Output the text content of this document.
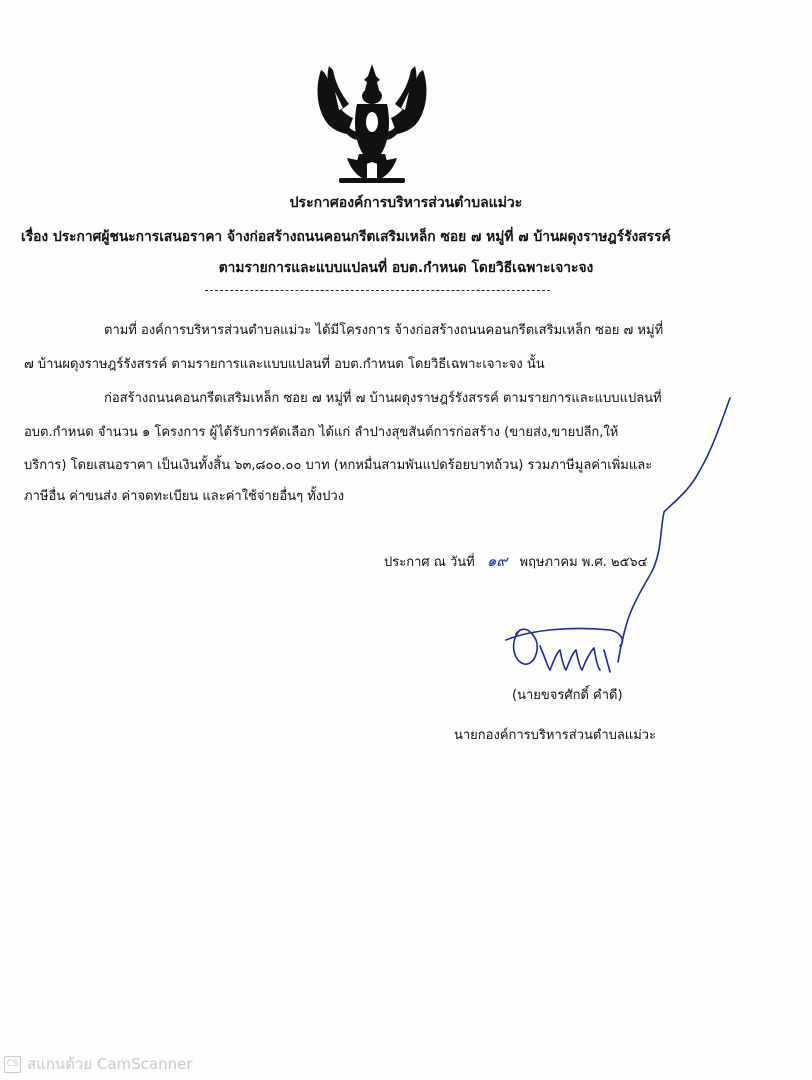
ประกาศองค์การบริหารส่วนตำบลแม่วะ
เรื่อง ประกาศผู้ชนะการเสนอราคา จ้างก่อสร้างถนนคอนกรีตเสริมเหล็ก ซอย ๗ หมู่ที่ ๗ บ้านผดุงราษฎร์รังสรรค์
ตามรายการและแบบแปลนที่ อบต.กำหนด โดยวิธีเฉพาะเจาะจง
ตามที่ องค์การบริหารส่วนตำบลแม่วะ ได้มีโครงการ จ้างก่อสร้างถนนคอนกรีตเสริมเหล็ก ซอย ๗ หมู่ที่
๗ บ้านผดุงราษฎร์รังสรรค์ ตามรายการและแบบแปลนที่ อบต.กำหนด โดยวิธีเฉพาะเจาะจง นั้น
ก่อสร้างถนนคอนกรีตเสริมเหล็ก ซอย ๗ หมู่ที่ ๗ บ้านผดุงราษฎร์รังสรรค์ ตามรายการและแบบแปลนที่
อบต.กำหนด จำนวน ๑ โครงการ ผู้ได้รับการคัดเลือก ได้แก่ ลำปางสุขสันต์การก่อสร้าง (ขายส่ง,ขายปลีก,ให้
บริการ) โดยเสนอราคา เป็นเงินทั้งสิ้น ๖๓,๘๐๐.๐๐ บาท (หกหมื่นสามพันแปดร้อยบาทถ้วน) รวมภาษีมูลค่าเพิ่มและ
ภาษีอื่น ค่าขนส่ง ค่าจดทะเบียน และค่าใช้จ่ายอื่นๆ ทั้งปวง
ประกาศ ณ วันที่ ๑๙ พฤษภาคม พ.ศ. ๒๕๖๔
(นายขจรศักดิ์ คำดี)
นายกองค์การบริหารส่วนตำบลแม่วะ
CS สแกนด้วย CamScanner
